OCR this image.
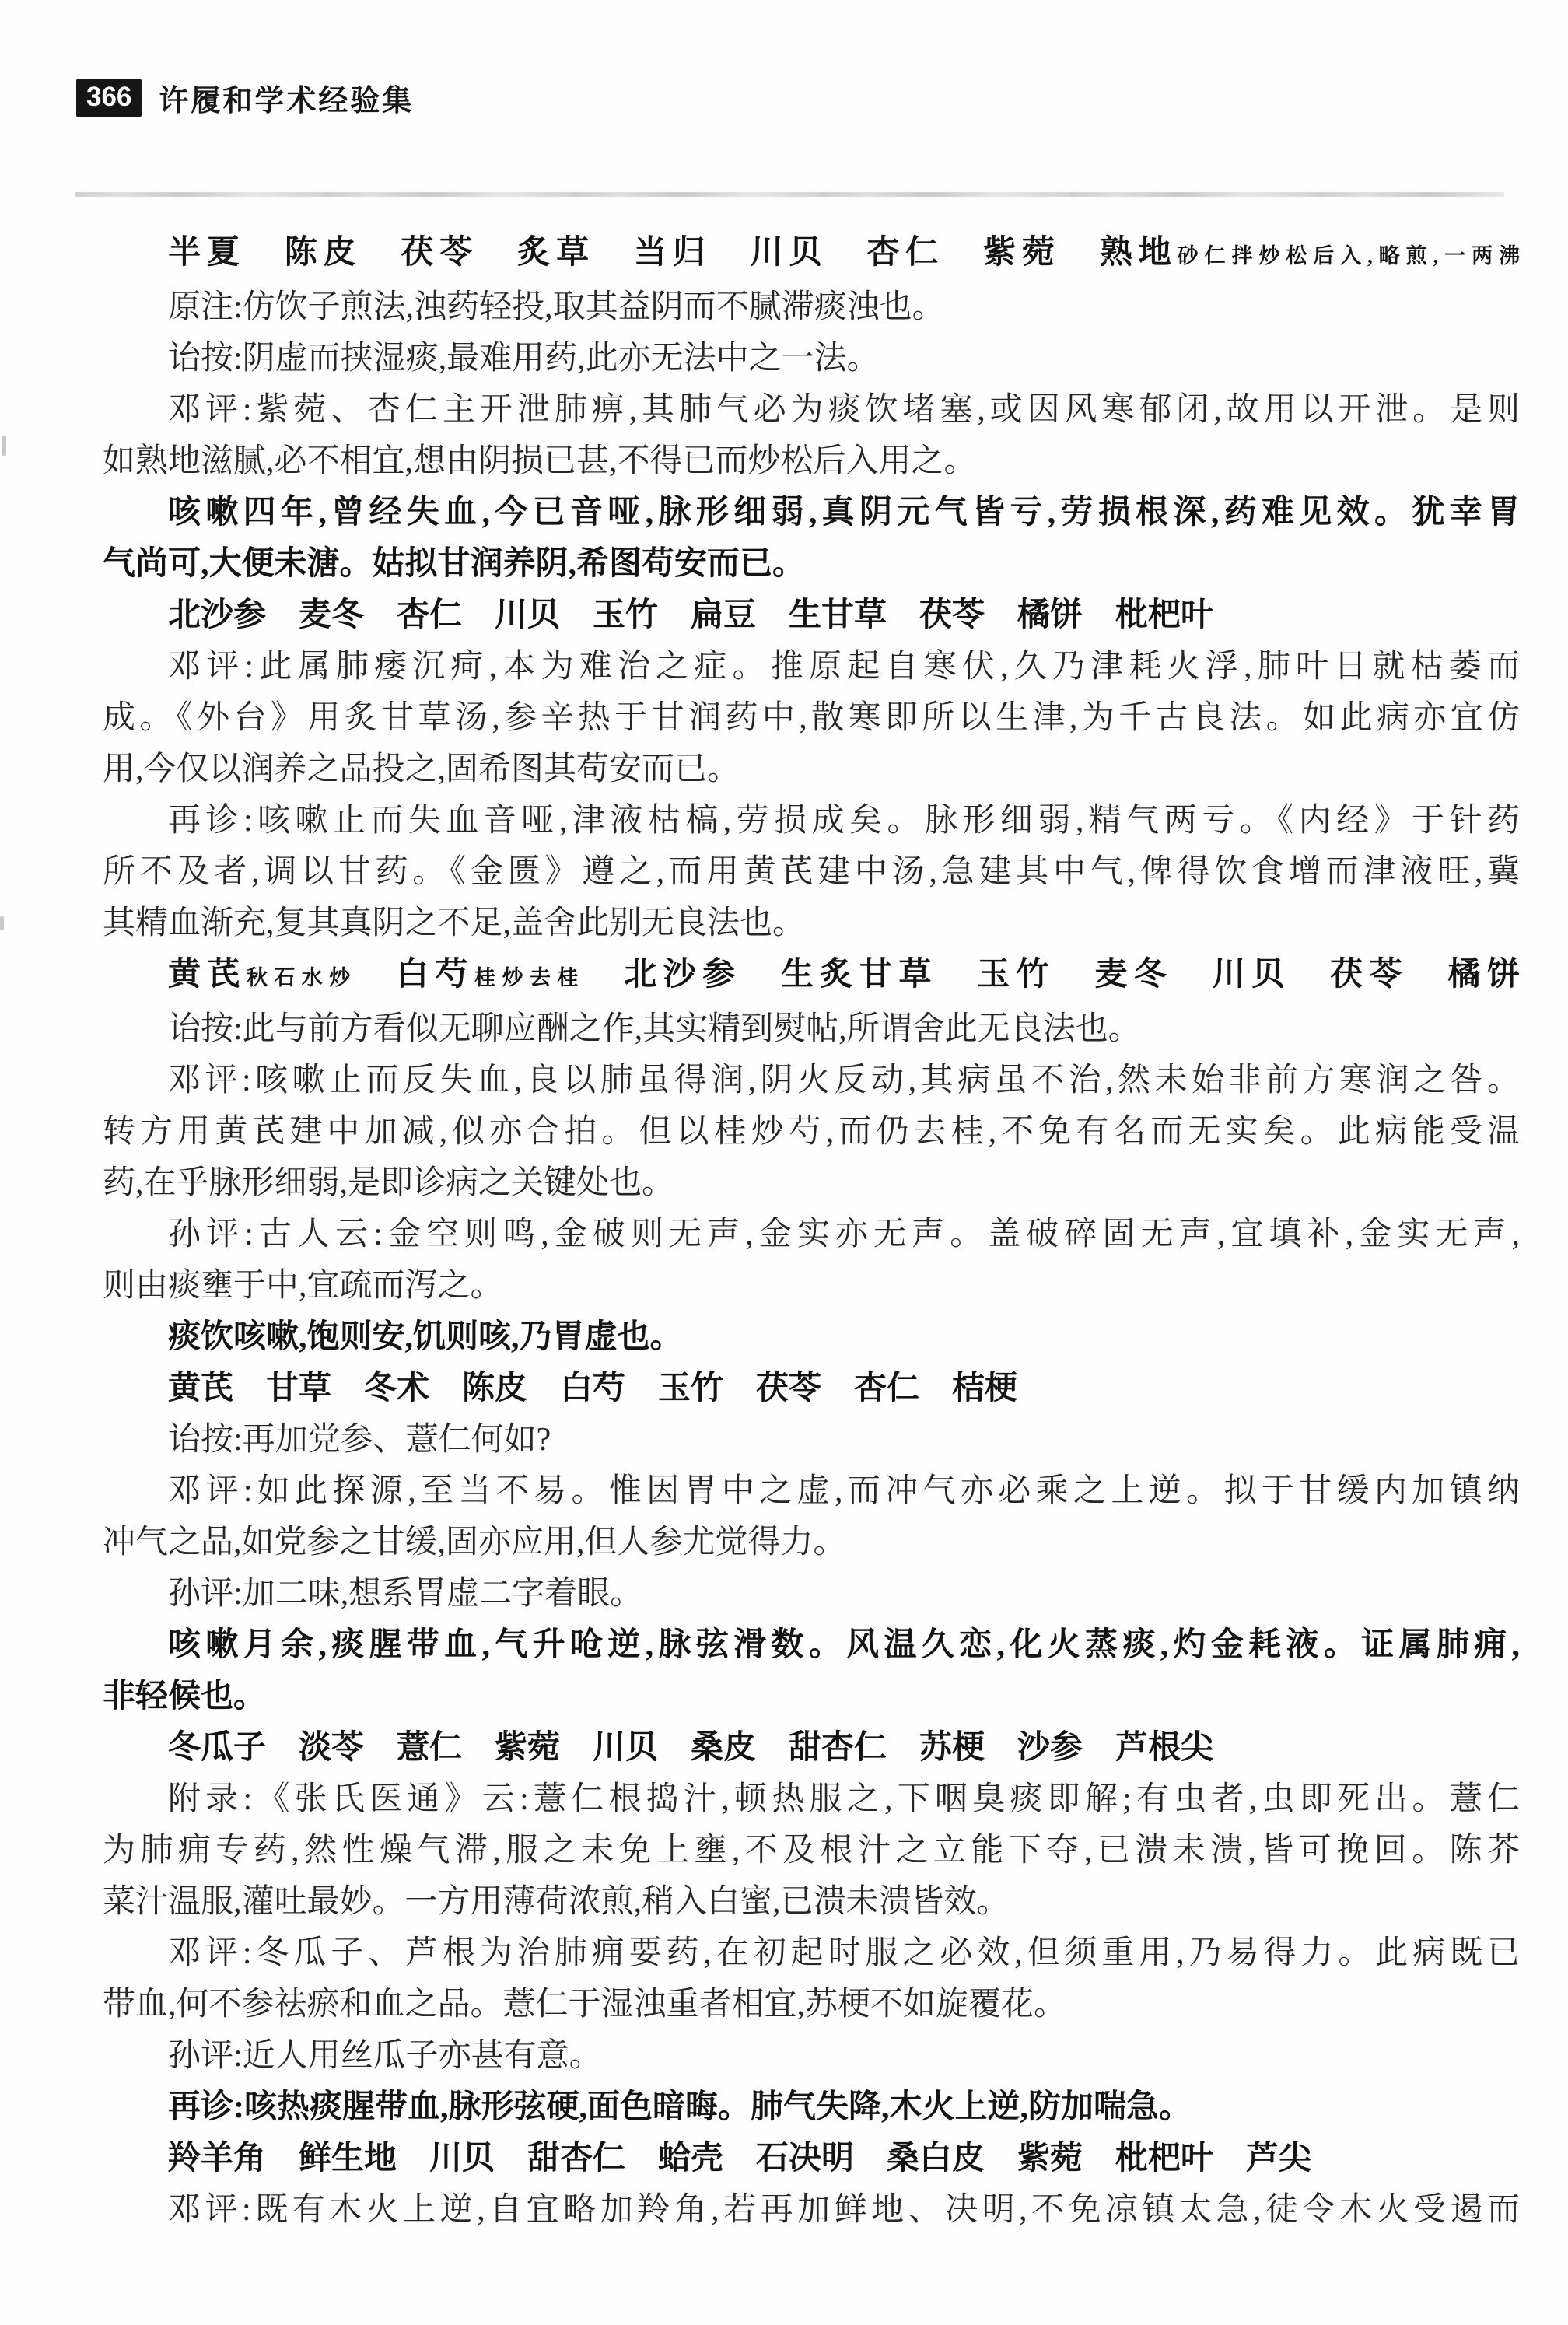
366 许履和学术经验集
半夏　陈皮　茯苓　炙草　当归　川贝　杏仁　紫菀　熟地砂仁拌炒松后入,略煎,一两沸
原注:仿饮子煎法,浊药轻投,取其益阴而不腻滞痰浊也。
诒按:阴虚而挟湿痰,最难用药,此亦无法中之一法。
邓评:紫菀、杏仁主开泄肺痹,其肺气必为痰饮堵塞,或因风寒郁闭,故用以开泄。是则
如熟地滋腻,必不相宜,想由阴损已甚,不得已而炒松后入用之。
咳嗽四年,曾经失血,今已音哑,脉形细弱,真阴元气皆亏,劳损根深,药难见效。犹幸胃
气尚可,大便未溏。姑拟甘润养阴,希图苟安而已。
北沙参　麦冬　杏仁　川贝　玉竹　扁豆　生甘草　茯苓　橘饼　枇杷叶
邓评:此属肺痿沉疴,本为难治之症。推原起自寒伏,久乃津耗火浮,肺叶日就枯萎而
成。《外台》用炙甘草汤,参辛热于甘润药中,散寒即所以生津,为千古良法。如此病亦宜仿
用,今仅以润养之品投之,固希图其苟安而已。
再诊:咳嗽止而失血音哑,津液枯槁,劳损成矣。脉形细弱,精气两亏。《内经》于针药
所不及者,调以甘药。《金匮》遵之,而用黄芪建中汤,急建其中气,俾得饮食增而津液旺,冀
其精血渐充,复其真阴之不足,盖舍此别无良法也。
黄芪秋石水炒　白芍桂炒去桂　北沙参　生炙甘草　玉竹　麦冬　川贝　茯苓　橘饼
诒按:此与前方看似无聊应酬之作,其实精到熨帖,所谓舍此无良法也。
邓评:咳嗽止而反失血,良以肺虽得润,阴火反动,其病虽不治,然未始非前方寒润之咎。
转方用黄芪建中加减,似亦合拍。但以桂炒芍,而仍去桂,不免有名而无实矣。此病能受温
药,在乎脉形细弱,是即诊病之关键处也。
孙评:古人云:金空则鸣,金破则无声,金实亦无声。盖破碎固无声,宜填补,金实无声,
则由痰壅于中,宜疏而泻之。
痰饮咳嗽,饱则安,饥则咳,乃胃虚也。
黄芪　甘草　冬术　陈皮　白芍　玉竹　茯苓　杏仁　桔梗
诒按:再加党参、薏仁何如?
邓评:如此探源,至当不易。惟因胃中之虚,而冲气亦必乘之上逆。拟于甘缓内加镇纳
冲气之品,如党参之甘缓,固亦应用,但人参尤觉得力。
孙评:加二味,想系胃虚二字着眼。
咳嗽月余,痰腥带血,气升呛逆,脉弦滑数。风温久恋,化火蒸痰,灼金耗液。证属肺痈,
非轻候也。
冬瓜子　淡苓　薏仁　紫菀　川贝　桑皮　甜杏仁　苏梗　沙参　芦根尖
附录:《张氏医通》云:薏仁根捣汁,顿热服之,下咽臭痰即解;有虫者,虫即死出。薏仁
为肺痈专药,然性燥气滞,服之未免上壅,不及根汁之立能下夺,已溃未溃,皆可挽回。陈芥
菜汁温服,灌吐最妙。一方用薄荷浓煎,稍入白蜜,已溃未溃皆效。
邓评:冬瓜子、芦根为治肺痈要药,在初起时服之必效,但须重用,乃易得力。此病既已
带血,何不参祛瘀和血之品。薏仁于湿浊重者相宜,苏梗不如旋覆花。
孙评:近人用丝瓜子亦甚有意。
再诊:咳热痰腥带血,脉形弦硬,面色暗晦。肺气失降,木火上逆,防加喘急。
羚羊角　鲜生地　川贝　甜杏仁　蛤壳　石决明　桑白皮　紫菀　枇杷叶　芦尖
邓评:既有木火上逆,自宜略加羚角,若再加鲜地、决明,不免凉镇太急,徒令木火受遏而
